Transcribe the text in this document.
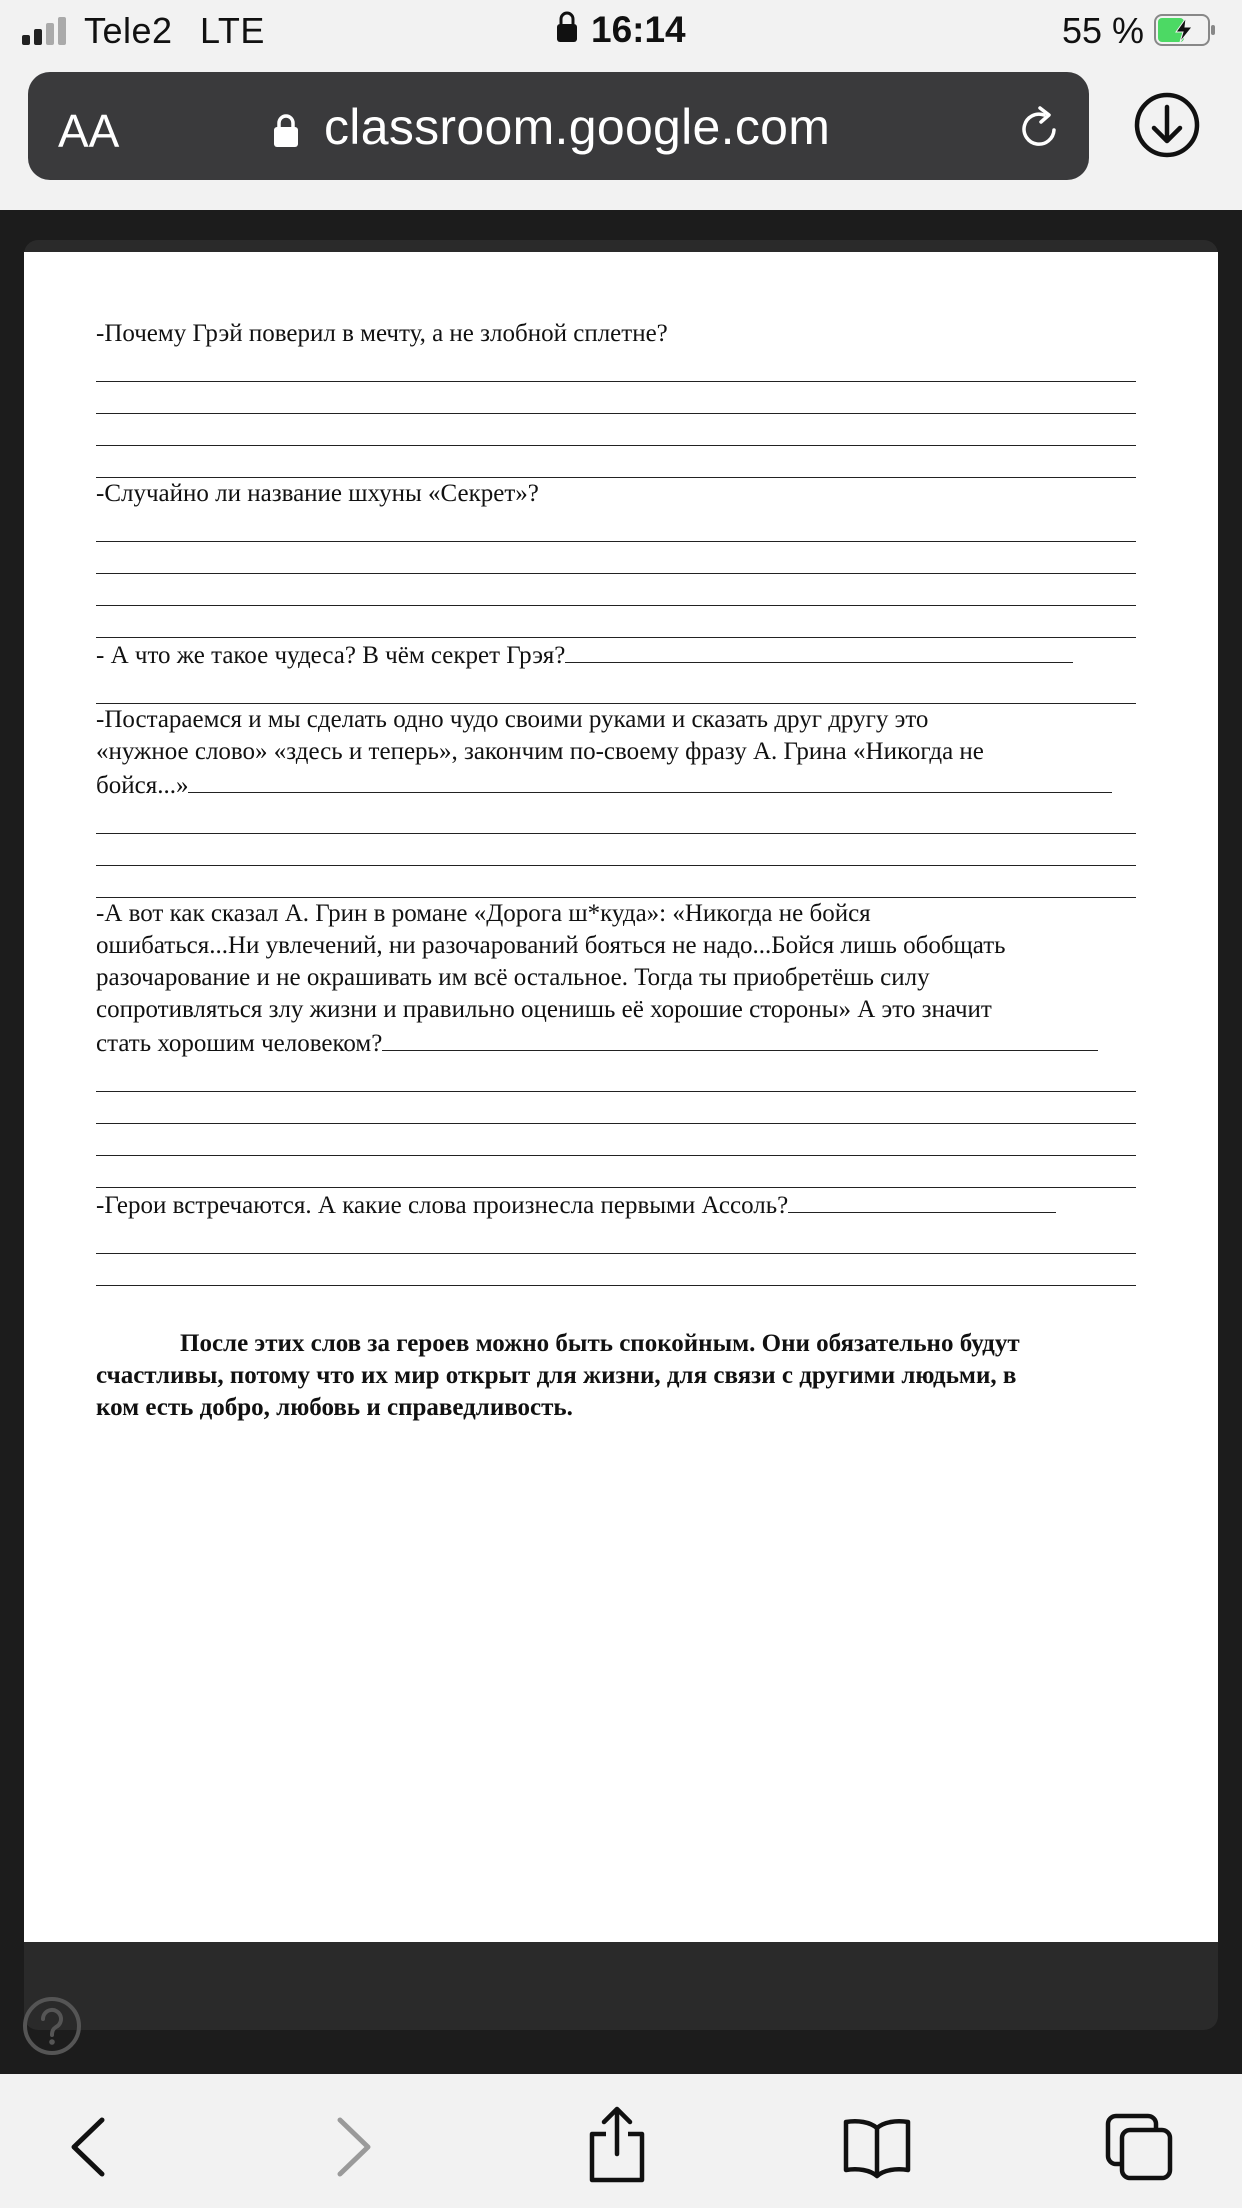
Tele2 LTE	16:14	55 %
AA	classroom.google.com

-Почему Грэй поверил в мечту, а не злобной сплетне?

-Случайно ли название шхуны «Секрет»?

- А что же такое чудеса? В чём секрет Грэя?

-Постараемся и мы сделать одно чудо своими руками и сказать друг другу это

«нужное слово» «здесь и теперь», закончим по-своему фразу А. Грина «Никогда не

бойся...»

-А вот как сказал А. Грин в романе «Дорога ш*куда»: «Никогда не бойся

ошибаться...Ни увлечений, ни разочарований бояться не надо...Бойся лишь обобщать

разочарование и не окрашивать им всё остальное. Тогда ты приобретёшь силу

сопротивляться злу жизни и правильно оценишь её хорошие стороны» А это значит

стать хорошим человеком?

-Герои встречаются. А какие слова произнесла первыми Ассоль?

После этих слов за героев можно быть спокойным. Они обязательно будут
счастливы, потому что их мир открыт для жизни, для связи с другими людьми, в
ком есть добро, любовь и справедливость.
